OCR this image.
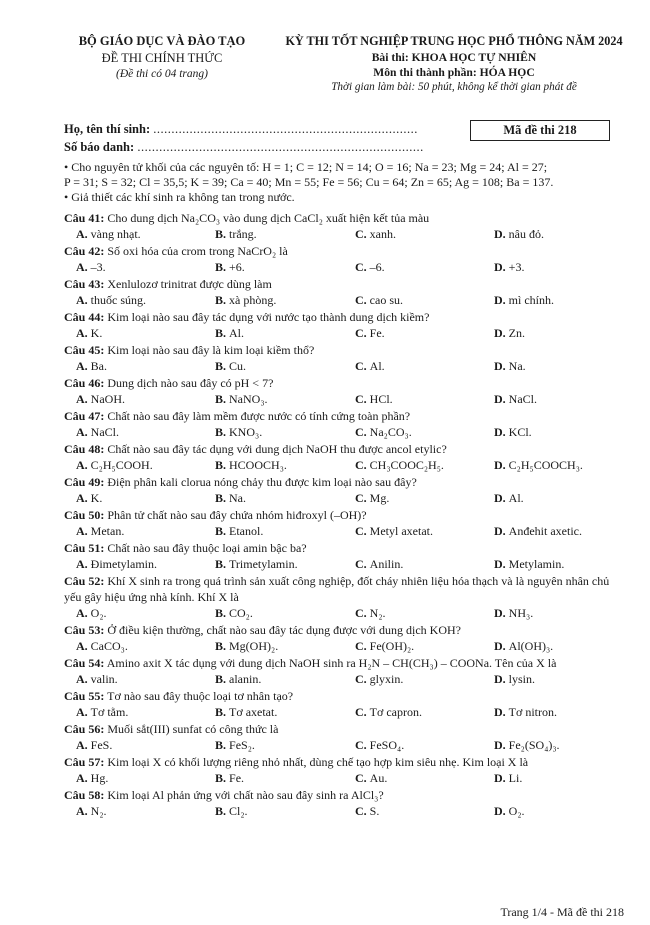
BỘ GIÁO DỤC VÀ ĐÀO TẠO
ĐỀ THI CHÍNH THỨC
(Đề thi có 04 trang)
KỲ THI TỐT NGHIỆP TRUNG HỌC PHỔ THÔNG NĂM 2024
Bài thi: KHOA HỌC TỰ NHIÊN
Môn thi thành phần: HÓA HỌC
Thời gian làm bài: 50 phút, không kể thời gian phát đề
Họ, tên thí sinh: .........................................................................
Số báo danh: ...............................................................................
Mã đề thi 218
• Cho nguyên tử khối của các nguyên tố: H = 1; C = 12; N = 14; O = 16; Na = 23; Mg = 24; Al = 27;
P = 31; S = 32; Cl = 35,5; K = 39; Ca = 40; Mn = 55; Fe = 56; Cu = 64; Zn = 65; Ag = 108; Ba = 137.
• Giả thiết các khí sinh ra không tan trong nước.
Câu 41: Cho dung dịch Na₂CO₃ vào dung dịch CaCl₂ xuất hiện kết tủa màu
A. vàng nhạt.	B. trắng.	C. xanh.	D. nâu đỏ.
Câu 42: Số oxi hóa của crom trong NaCrO₂ là
A. –3.	B. +6.	C. –6.	D. +3.
Câu 43: Xenlulozơ trinitrat được dùng làm
A. thuốc súng.	B. xà phòng.	C. cao su.	D. mì chính.
Câu 44: Kim loại nào sau đây tác dụng với nước tạo thành dung dịch kiềm?
A. K.	B. Al.	C. Fe.	D. Zn.
Câu 45: Kim loại nào sau đây là kim loại kiềm thổ?
A. Ba.	B. Cu.	C. Al.	D. Na.
Câu 46: Dung dịch nào sau đây có pH < 7?
A. NaOH.	B. NaNO₃.	C. HCl.	D. NaCl.
Câu 47: Chất nào sau đây làm mềm được nước có tính cứng toàn phần?
A. NaCl.	B. KNO₃.	C. Na₂CO₃.	D. KCl.
Câu 48: Chất nào sau đây tác dụng với dung dịch NaOH thu được ancol etylic?
A. C₂H₅COOH.	B. HCOOCH₃.	C. CH₃COOC₂H₅.	D. C₂H₅COOCH₃.
Câu 49: Điện phân kali clorua nóng chảy thu được kim loại nào sau đây?
A. K.	B. Na.	C. Mg.	D. Al.
Câu 50: Phân tử chất nào sau đây chứa nhóm hiđroxyl (–OH)?
A. Metan.	B. Etanol.	C. Metyl axetat.	D. Anđehit axetic.
Câu 51: Chất nào sau đây thuộc loại amin bậc ba?
A. Đimetylamin.	B. Trimetylamin.	C. Anilin.	D. Metylamin.
Câu 52: Khí X sinh ra trong quá trình sản xuất công nghiệp, đốt cháy nhiên liệu hóa thạch và là nguyên nhân chủ yếu gây hiệu ứng nhà kính. Khí X là
A. O₂.	B. CO₂.	C. N₂.	D. NH₃.
Câu 53: Ở điều kiện thường, chất nào sau đây tác dụng được với dung dịch KOH?
A. CaCO₃.	B. Mg(OH)₂.	C. Fe(OH)₂.	D. Al(OH)₃.
Câu 54: Amino axit X tác dụng với dung dịch NaOH sinh ra H₂N – CH(CH₃) – COONa. Tên của X là
A. valin.	B. alanin.	C. glyxin.	D. lysin.
Câu 55: Tơ nào sau đây thuộc loại tơ nhân tạo?
A. Tơ tằm.	B. Tơ axetat.	C. Tơ capron.	D. Tơ nitron.
Câu 56: Muối sắt(III) sunfat có công thức là
A. FeS.	B. FeS₂.	C. FeSO₄.	D. Fe₂(SO₄)₃.
Câu 57: Kim loại X có khối lượng riêng nhỏ nhất, dùng chế tạo hợp kim siêu nhẹ. Kim loại X là
A. Hg.	B. Fe.	C. Au.	D. Li.
Câu 58: Kim loại Al phản ứng với chất nào sau đây sinh ra AlCl₃?
A. N₂.	B. Cl₂.	C. S.	D. O₂.
Trang 1/4 - Mã đề thi 218
